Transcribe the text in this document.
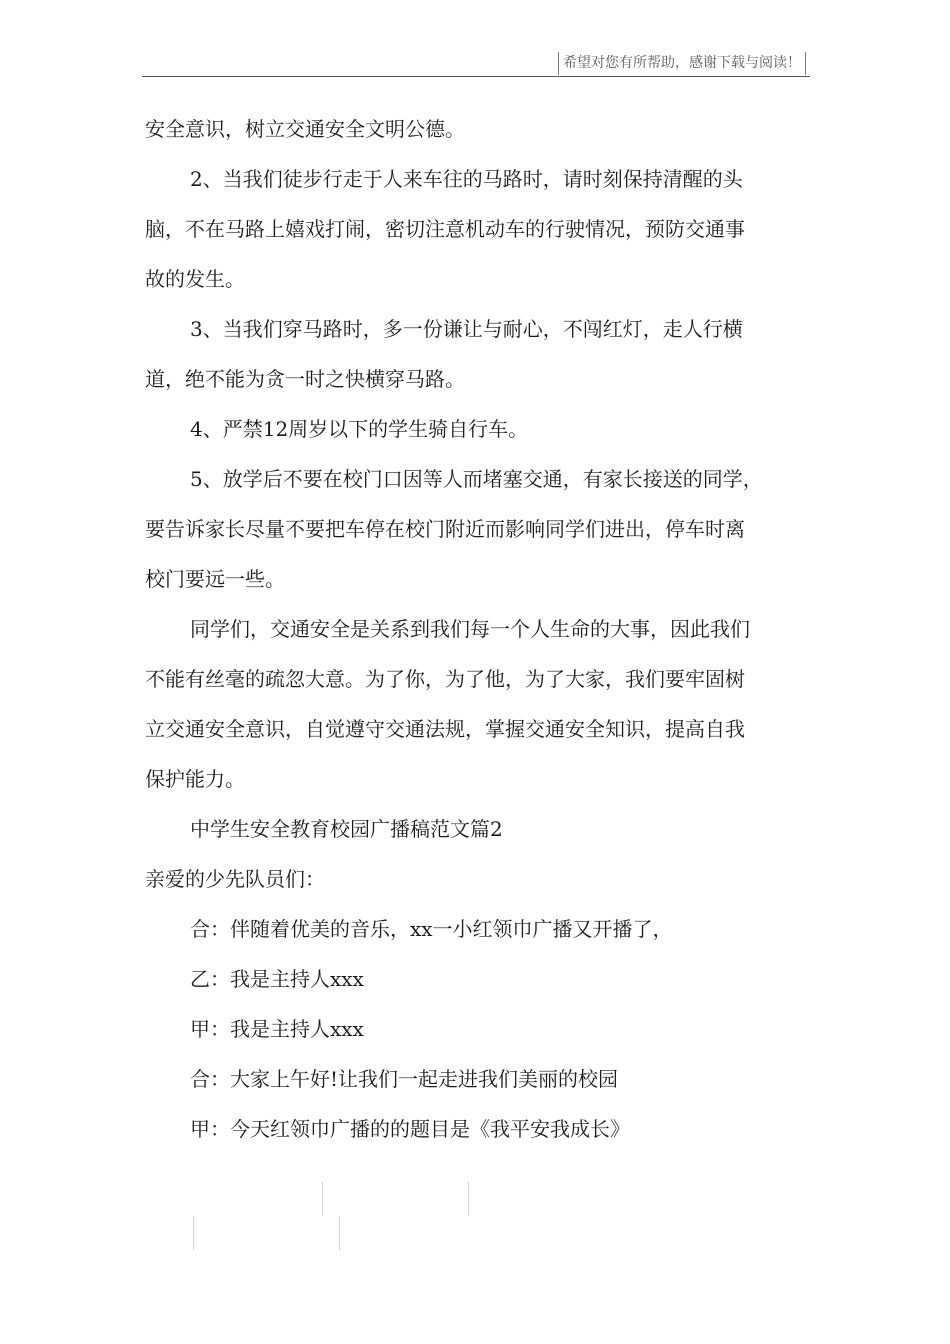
希望对您有所帮助，感谢下载与阅读！
安全意识，树立交通安全文明公德。
2、当我们徒步行走于人来车往的马路时，请时刻保持清醒的头
脑，不在马路上嬉戏打闹，密切注意机动车的行驶情况，预防交通事
故的发生。
3、当我们穿马路时，多一份谦让与耐心，不闯红灯，走人行横
道，绝不能为贪一时之快横穿马路。
4、严禁12周岁以下的学生骑自行车。
5、放学后不要在校门口因等人而堵塞交通，有家长接送的同学，
要告诉家长尽量不要把车停在校门附近而影响同学们进出，停车时离
校门要远一些。
同学们，交通安全是关系到我们每一个人生命的大事，因此我们
不能有丝毫的疏忽大意。为了你，为了他，为了大家，我们要牢固树
立交通安全意识，自觉遵守交通法规，掌握交通安全知识，提高自我
保护能力。
中学生安全教育校园广播稿范文篇2
亲爱的少先队员们：
合：伴随着优美的音乐，xx一小红领巾广播又开播了，
乙：我是主持人xxx
甲：我是主持人xxx
合：大家上午好!让我们一起走进我们美丽的校园
甲：今天红领巾广播的的题目是《我平安我成长》
